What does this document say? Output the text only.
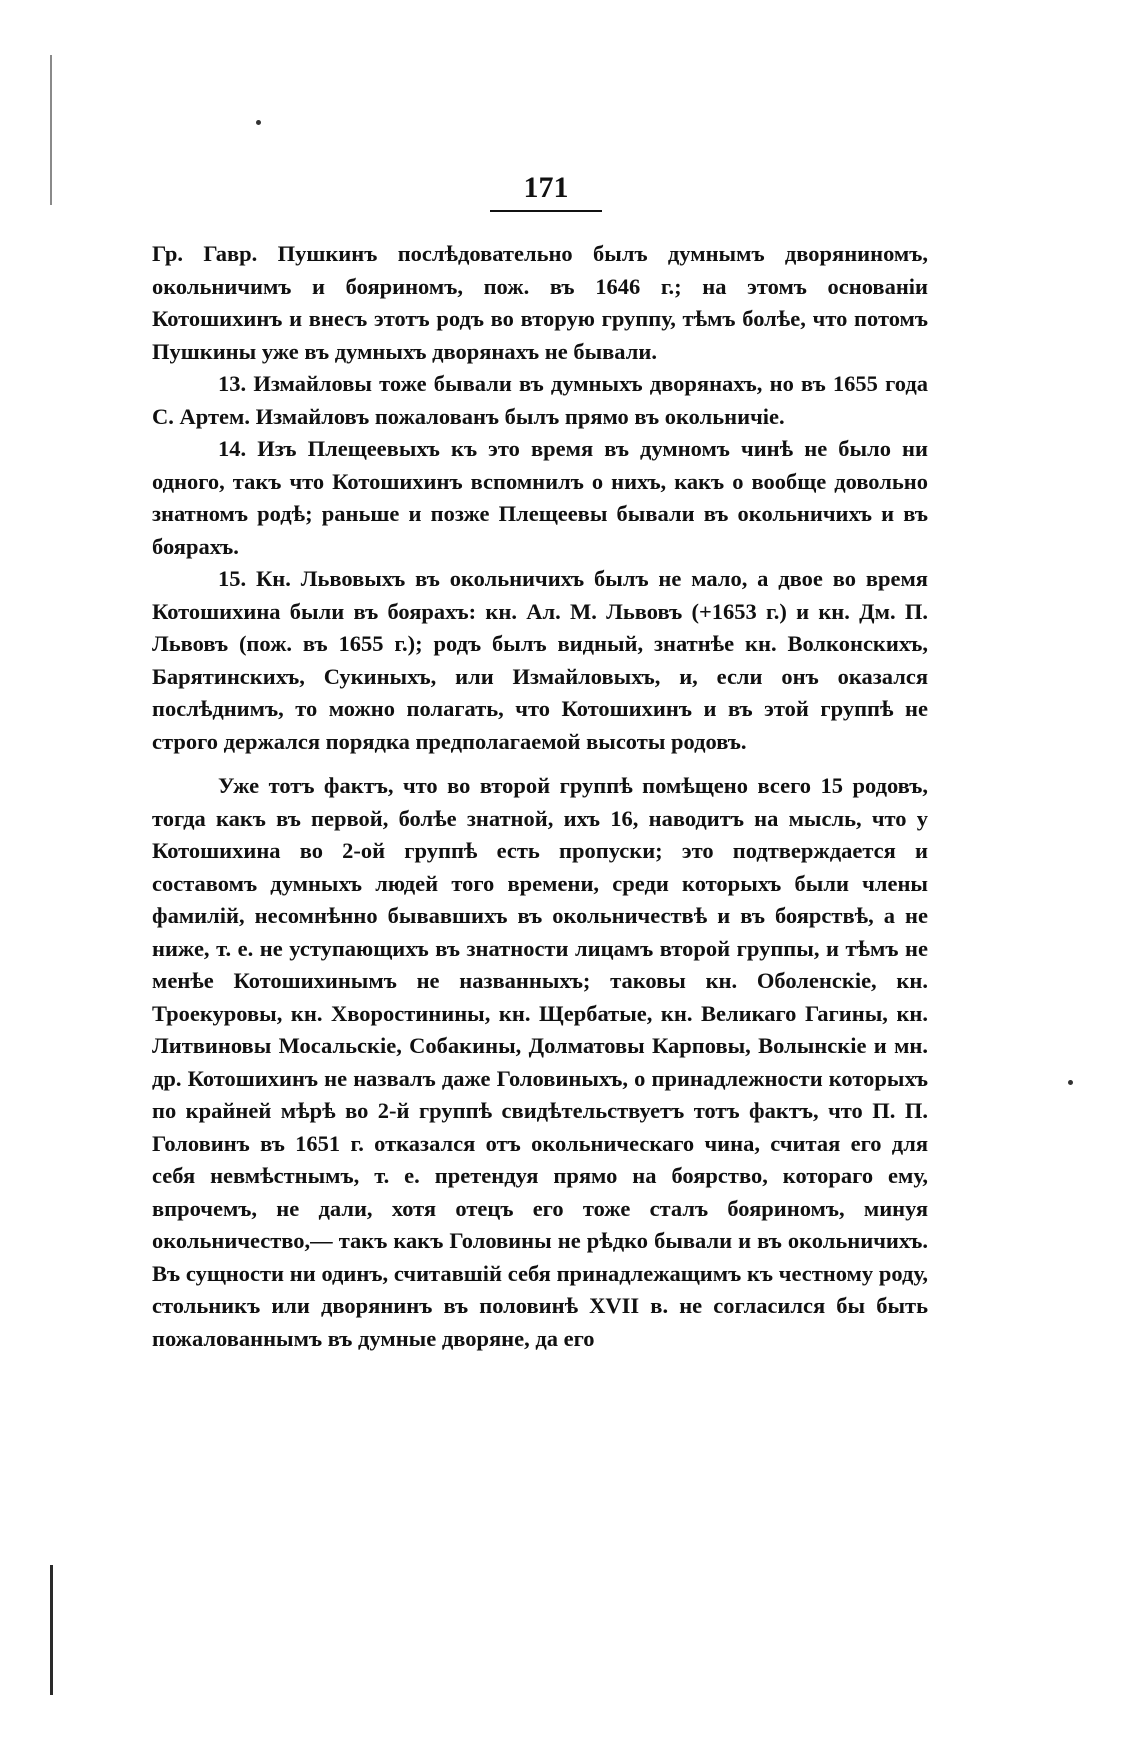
171

Гр. Гавр. Пушкинъ послѣдовательно былъ думнымъ дворяниномъ, окольничимъ и бояриномъ, пож. въ 1646 г.; на этомъ основаніи Котошихинъ и внесъ этотъ родъ во вторую группу, тѣмъ болѣе, что потомъ Пушкины уже въ думныхъ дворянахъ не бывали.

13. Измайловы тоже бывали въ думныхъ дворянахъ, но въ 1655 года С. Артем. Измайловъ пожалованъ былъ прямо въ окольничіе.

14. Изъ Плещеевыхъ къ это время въ думномъ чинѣ не было ни одного, такъ что Котошихинъ вспомнилъ о нихъ, какъ о вообще довольно знатномъ родѣ; раньше и позже Плещеевы бывали въ окольничихъ и въ боярахъ.

15. Кн. Львовыхъ въ окольничихъ былъ не мало, а двое во время Котошихина были въ боярахъ: кн. Ал. М. Львовъ (+1653 г.) и кн. Дм. П. Львовъ (пож. въ 1655 г.); родъ былъ видный, знатнѣе кн. Волконскихъ, Барятинскихъ, Сукиныхъ, или Измайловыхъ, и, если онъ оказался послѣднимъ, то можно полагать, что Котошихинъ и въ этой группѣ не строго держался порядка предполагаемой высоты родовъ.

Уже тотъ фактъ, что во второй группѣ помѣщено всего 15 родовъ, тогда какъ въ первой, болѣе знатной, ихъ 16, наводитъ на мысль, что у Котошихина во 2-ой группѣ есть пропуски; это подтверждается и составомъ думныхъ людей того времени, среди которыхъ были члены фамилій, несомнѣнно бывавшихъ въ окольничествѣ и въ боярствѣ, а не ниже, т. е. не уступающихъ въ знатности лицамъ второй группы, и тѣмъ не менѣе Котошихинымъ не названныхъ; таковы кн. Оболенскіе, кн. Троекуровы, кн. Хворостинины, кн. Щербатые, кн. Великаго Гагины, кн. Литвиновы Мосальскіе, Собакины, Долматовы Карповы, Волынскіе и мн. др. Котошихинъ не назвалъ даже Головиныхъ, о принадлежности которыхъ по крайней мѣрѣ во 2-й группѣ свидѣтельствуетъ тотъ фактъ, что П. П. Головинъ въ 1651 г. отказался отъ окольническаго чина, считая его для себя невмѣстнымъ, т. е. претендуя прямо на боярство, котораго ему, впрочемъ, не дали, хотя отецъ его тоже сталъ бояриномъ, минуя окольничество,— такъ какъ Головины не рѣдко бывали и въ окольничихъ. Въ сущности ни одинъ, считавшій себя принадлежащимъ къ честному роду, стольникъ или дворянинъ въ половинѣ XVII в. не согласился бы быть пожалованнымъ въ думные дворяне, да его
